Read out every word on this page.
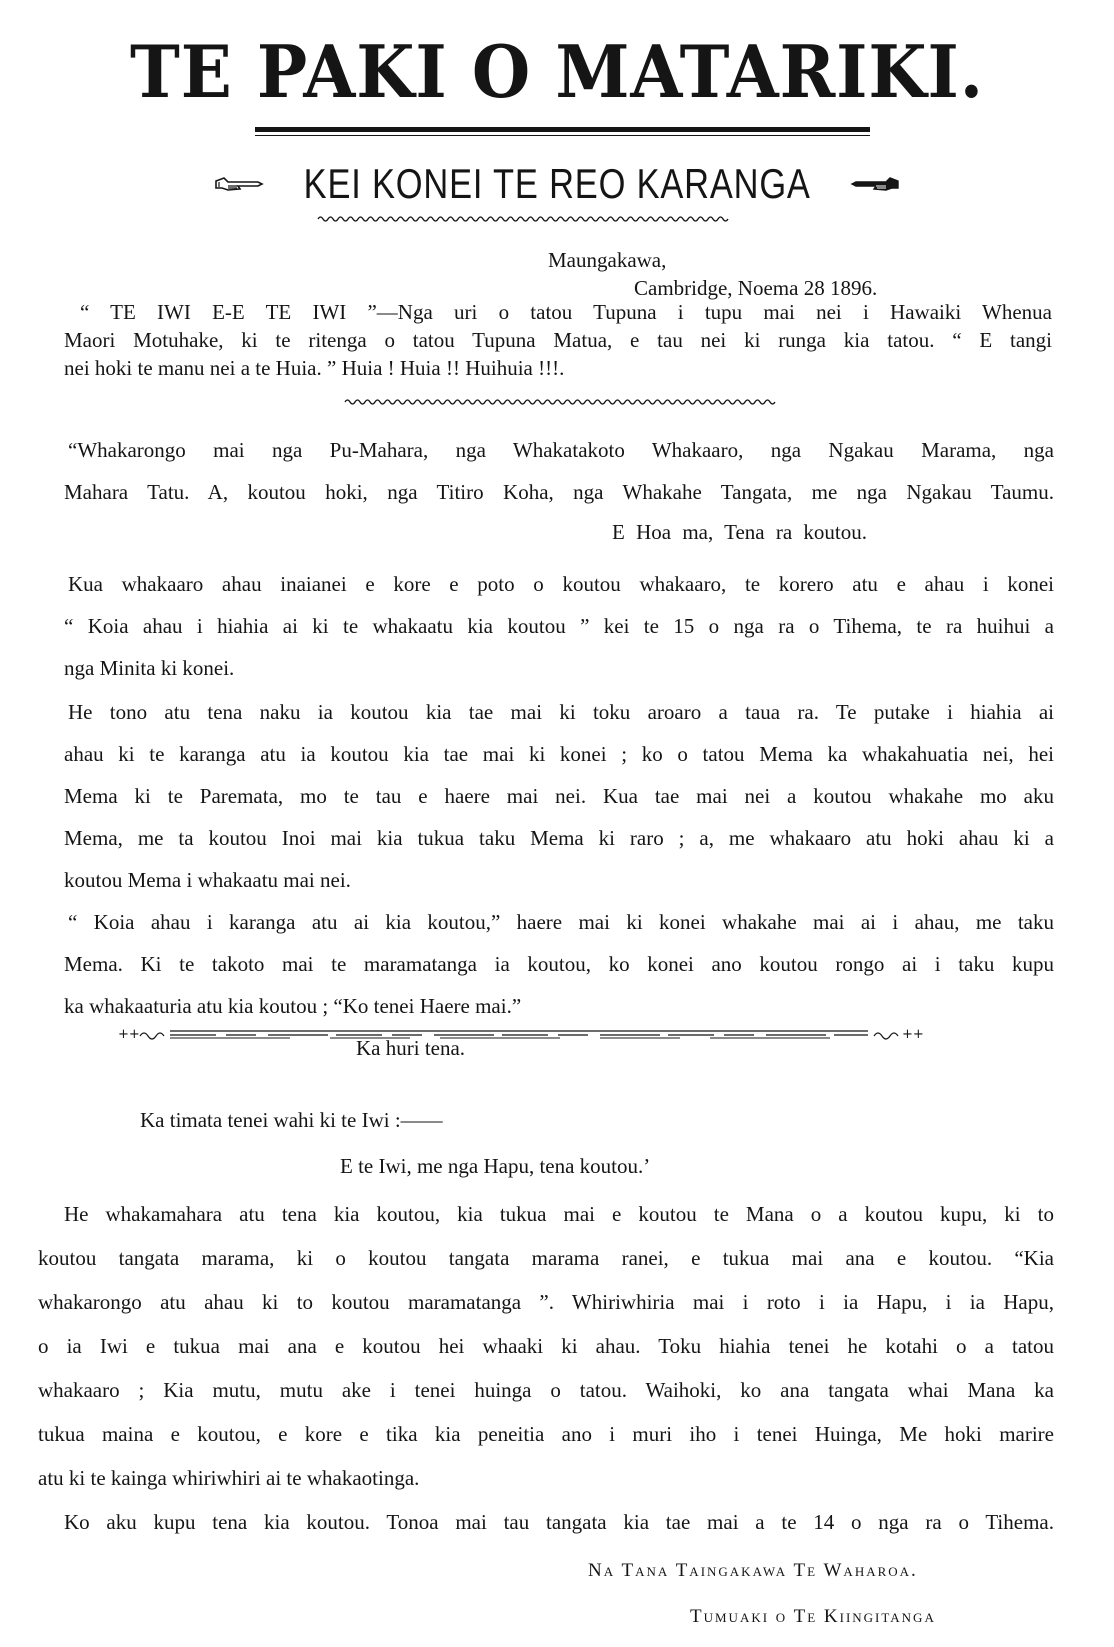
TE PAKI O MATARIKI.
KEI KONEI TE REO KARANGA

Maungakawa,

Cambridge, Noema 28 1896.

“ TE IWI E-E TE IWI ”—Nga uri o tatou Tupuna i tupu mai nei i Hawaiki Whenua

Maori Motuhake, ki te ritenga o tatou Tupuna Matua, e tau nei ki runga kia tatou. “ E tangi

nei hoki te manu nei a te Huia. ” Huia ! Huia !! Huihuia !!!.

“Whakarongo mai nga Pu-Mahara, nga Whakatakoto Whakaaro, nga Ngakau Marama, nga

Mahara Tatu. A, koutou hoki, nga Titiro Koha, nga Whakahe Tangata, me nga Ngakau Taumu.

E Hoa ma, Tena ra koutou.

Kua whakaaro ahau inaianei e kore e poto o koutou whakaaro, te korero atu e ahau i konei

“ Koia ahau i hiahia ai ki te whakaatu kia koutou ” kei te 15 o nga ra o Tihema, te ra huihui a

nga Minita ki konei.

He tono atu tena naku ia koutou kia tae mai ki toku aroaro a taua ra. Te putake i hiahia ai

ahau ki te karanga atu ia koutou kia tae mai ki konei ; ko o tatou Mema ka whakahuatia nei, hei

Mema ki te Paremata, mo te tau e haere mai nei. Kua tae mai nei a koutou whakahe mo aku

Mema, me ta koutou Inoi mai kia tukua taku Mema ki raro ; a, me whakaaro atu hoki ahau ki a

koutou Mema i whakaatu mai nei.

“ Koia ahau i karanga atu ai kia koutou,” haere mai ki konei whakahe mai ai i ahau, me taku

Mema. Ki te takoto mai te maramatanga ia koutou, ko konei ano koutou rongo ai i taku kupu

ka whakaaturia atu kia koutou ; “Ko tenei Haere mai.”

Ka huri tena.

++	++

Ka timata tenei wahi ki te Iwi :——

E te Iwi, me nga Hapu, tena koutou.’

He whakamahara atu tena kia koutou, kia tukua mai e koutou te Mana o a koutou kupu, ki to

koutou tangata marama, ki o koutou tangata marama ranei, e tukua mai ana e koutou. “Kia

whakarongo atu ahau ki to koutou maramatanga ”. Whiriwhiria mai i roto i ia Hapu, i ia Hapu,

o ia Iwi e tukua mai ana e koutou hei whaaki ki ahau. Toku hiahia tenei he kotahi o a tatou

whakaaro ; Kia mutu, mutu ake i tenei huinga o tatou. Waihoki, ko ana tangata whai Mana ka

tukua maina e koutou, e kore e tika kia peneitia ano i muri iho i tenei Huinga, Me hoki marire

atu ki te kainga whiriwhiri ai te whakaotinga.

Ko aku kupu tena kia koutou. Tonoa mai tau tangata kia tae mai a te 14 o nga ra o Tihema.

Na Tana Taingakawa Te Waharoa.

Tumuaki o Te Kiingitanga
